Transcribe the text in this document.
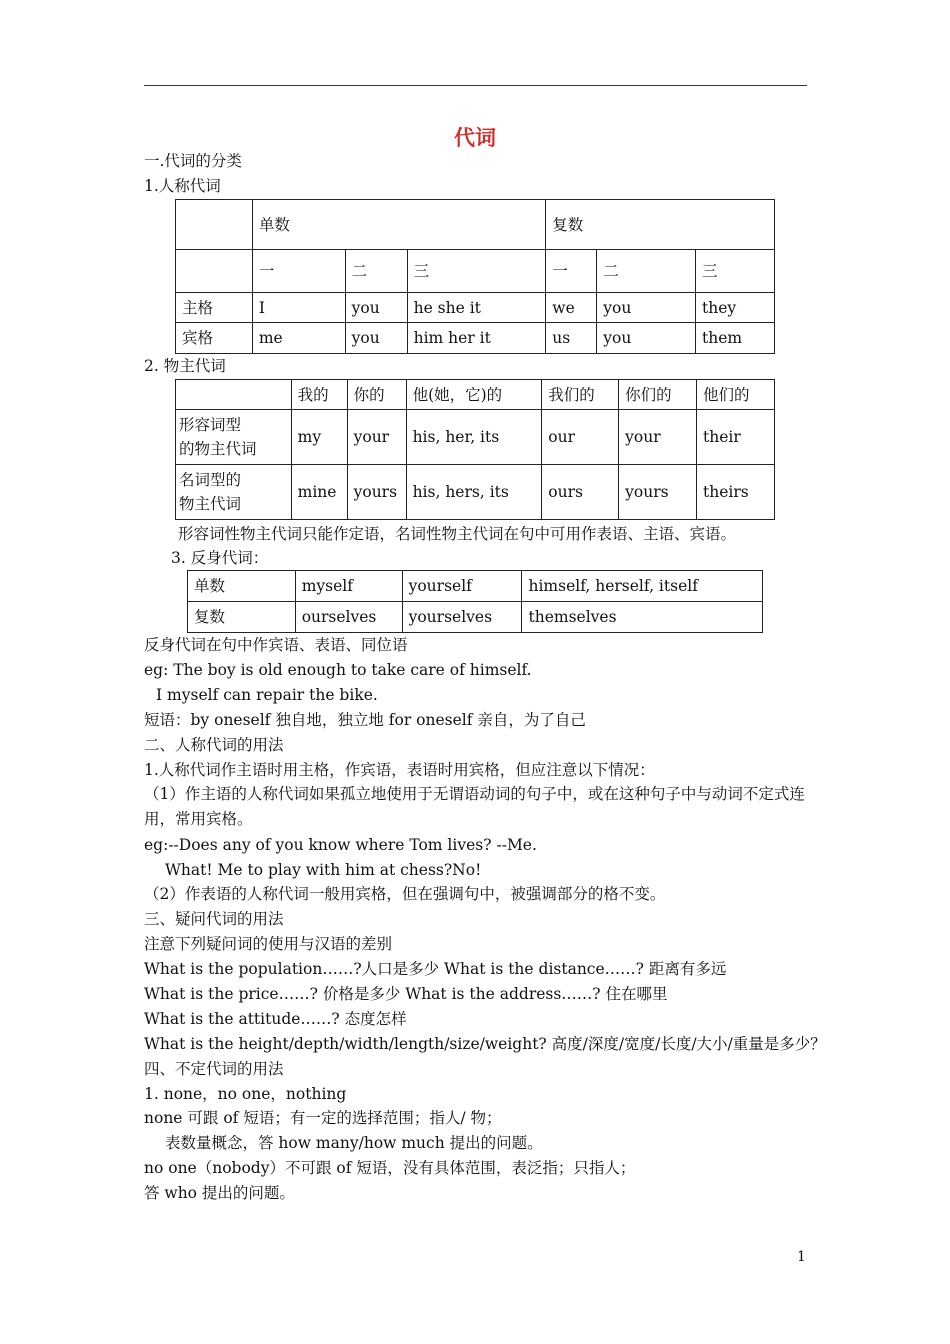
代词
一.代词的分类
1.人称代词
	单数			复数		
	一	二	三	一	二	三
主格	I	you	he she it	we	you	they
宾格	me	you	him her it	us	you	them
2. 物主代词
	我的	你的	他(她，它)的	我们的	你们的	他们的

形容词型
的物主代词	my	your	his, her, its	our	your	their

名词型的
物主代词	mine	yours	his, hers, its	ours	yours	theirs
形容词性物主代词只能作定语，名词性物主代词在句中可用作表语、主语、宾语。
3. 反身代词：
单数	myself	yourself	himself, herself, itself
复数	ourselves	yourselves	themselves
反身代词在句中作宾语、表语、同位语
eg: The boy is old enough to take care of himself.
I myself can repair the bike.
短语：by oneself 独自地，独立地 for oneself 亲自，为了自己
二、人称代词的用法
1.人称代词作主语时用主格，作宾语，表语时用宾格，但应注意以下情况：
（1）作主语的人称代词如果孤立地使用于无谓语动词的句子中，或在这种句子中与动词不定式连用，常用宾格。
eg:--Does any of you know where Tom lives? --Me.
What! Me to play with him at chess?No!
（2）作表语的人称代词一般用宾格，但在强调句中，被强调部分的格不变。
三、疑问代词的用法
注意下列疑问词的使用与汉语的差别
What is the population……?人口是多少 What is the distance……? 距离有多远
What is the price……? 价格是多少 What is the address……? 住在哪里
What is the attitude……? 态度怎样
What is the height/depth/width/length/size/weight? 高度/深度/宽度/长度/大小/重量是多少？
四、不定代词的用法
1. none，no one，nothing
none 可跟 of 短语；有一定的选择范围；指人/ 物；
表数量概念，答 how many/how much 提出的问题。
no one（nobody）不可跟 of 短语，没有具体范围，表泛指；只指人；
答 who 提出的问题。
1
